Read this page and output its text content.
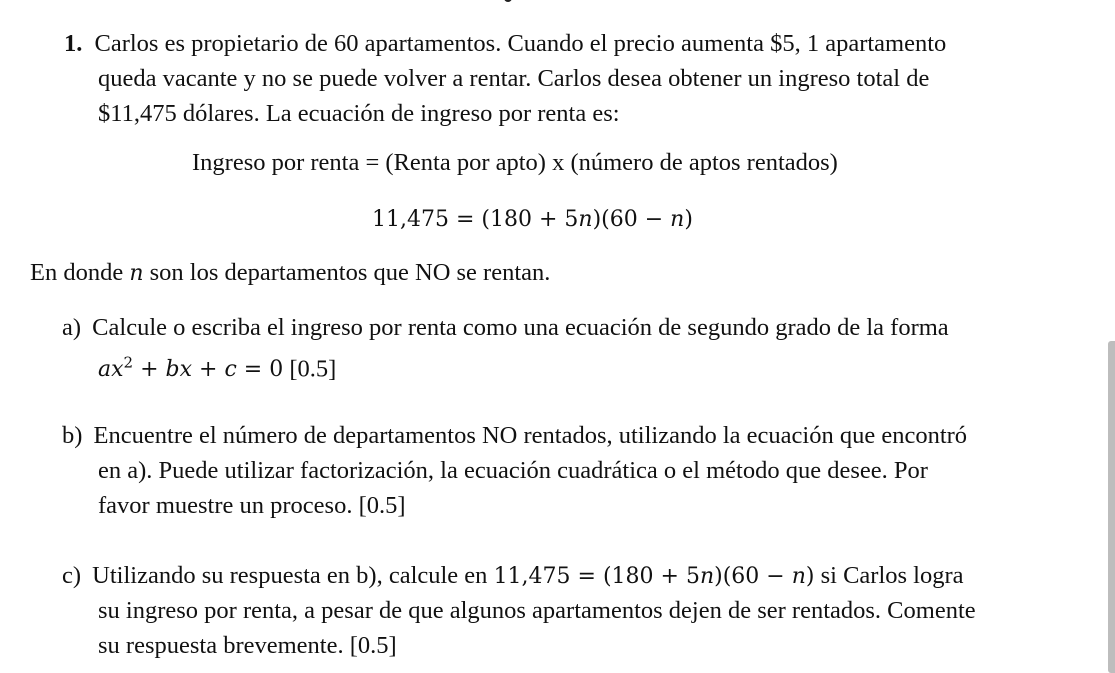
1. Carlos es propietario de 60 apartamentos. Cuando el precio aumenta $5, 1 apartamento
queda vacante y no se puede volver a rentar. Carlos desea obtener un ingreso total de
$11,475 dólares. La ecuación de ingreso por renta es:
Ingreso por renta = (Renta por apto) x (número de aptos rentados)
11,475 = (180 + 5n)(60 − n)
En donde n son los departamentos que NO se rentan.
a) Calcule o escriba el ingreso por renta como una ecuación de segundo grado de la forma
$ax^2$ + bx + c = 0 [0.5]
b) Encuentre el número de departamentos NO rentados, utilizando la ecuación que encontró
en a). Puede utilizar factorización, la ecuación cuadrática o el método que desee. Por
favor muestre un proceso. [0.5]
c) Utilizando su respuesta en b), calcule en 11,475 = (180 + 5n)(60 − n) si Carlos logra
su ingreso por renta, a pesar de que algunos apartamentos dejen de ser rentados. Comente
su respuesta brevemente. [0.5]
